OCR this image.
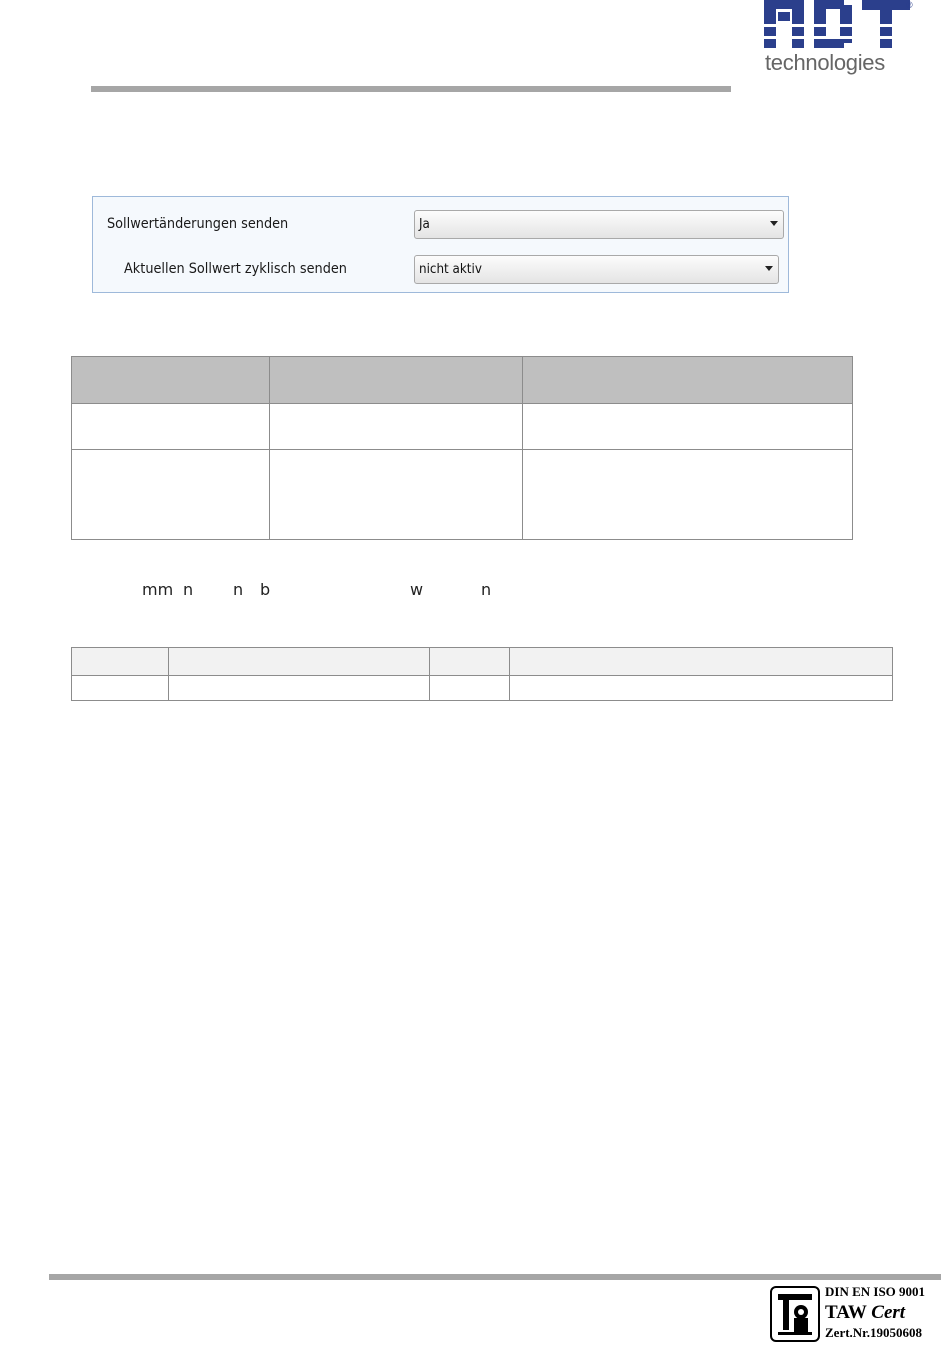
®
technologies
Sollwertänderungen senden	Ja
Aktuellen Sollwert zyklisch senden	nicht aktiv

mm n n b	w	n

DIN EN ISO 9001
TAW Cert
Zert.Nr.19050608
